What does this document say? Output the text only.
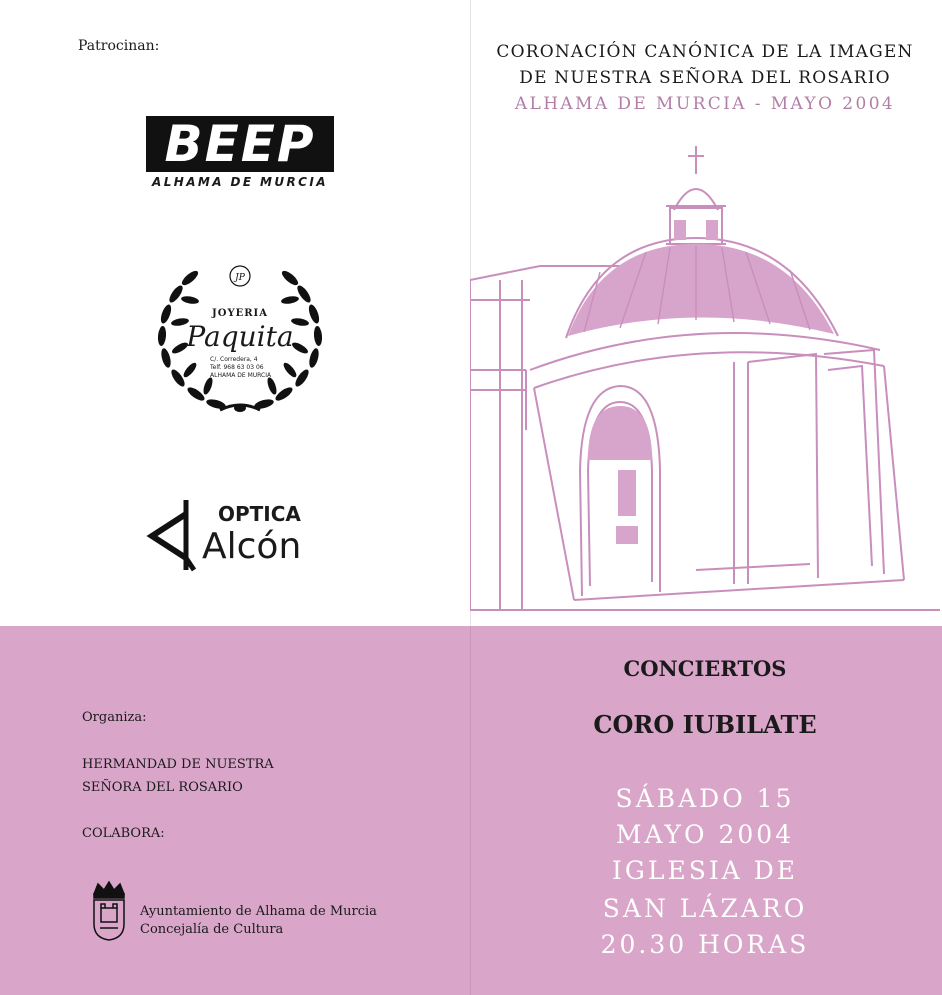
Patrocinan:
BEEP
ALHAMA DE MURCIA
JP
JOYERIA
Paquita
C/. Corredera, 4
Telf. 968 63 03 06
ALHAMA DE MURCIA
OPTICA
Alcón
CORONACIÓN CANÓNICA DE LA IMAGEN
DE NUESTRA SEÑORA DEL ROSARIO
ALHAMA DE MURCIA - MAYO 2004
Organiza:
HERMANDAD DE NUESTRA
SEÑORA DEL ROSARIO
COLABORA:
Ayuntamiento de Alhama de Murcia
Concejalía de Cultura
CONCIERTOS
CORO IUBILATE
SÁBADO 15
MAYO 2004
IGLESIA DE
SAN LÁZARO
20.30 HORAS
